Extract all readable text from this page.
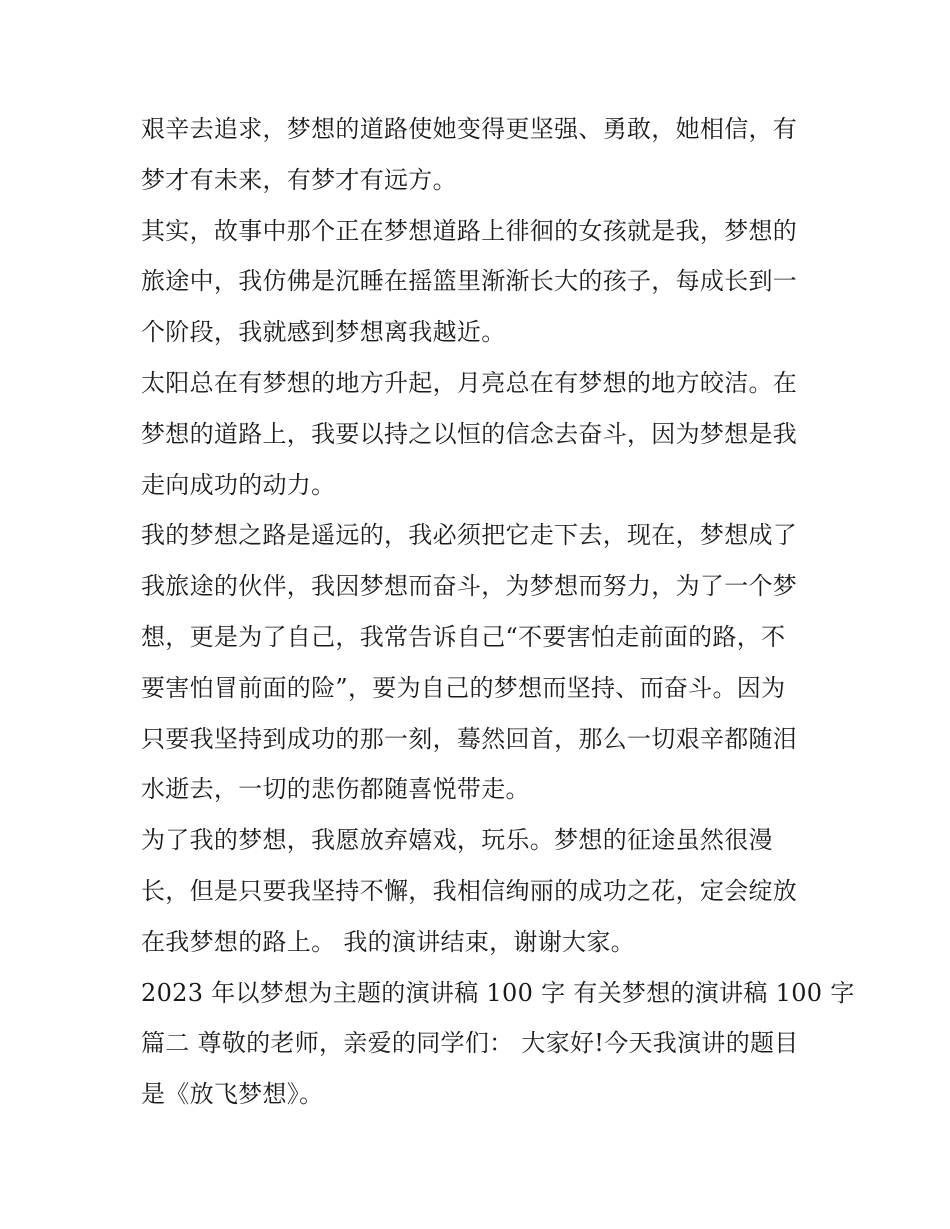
艰辛去追求，梦想的道路使她变得更坚强、勇敢，她相信，有
梦才有未来，有梦才有远方。
其实，故事中那个正在梦想道路上徘徊的女孩就是我，梦想的
旅途中，我仿佛是沉睡在摇篮里渐渐长大的孩子，每成长到一
个阶段，我就感到梦想离我越近。
太阳总在有梦想的地方升起，月亮总在有梦想的地方皎洁。在
梦想的道路上，我要以持之以恒的信念去奋斗，因为梦想是我
走向成功的动力。
我的梦想之路是遥远的，我必须把它走下去，现在，梦想成了
我旅途的伙伴，我因梦想而奋斗，为梦想而努力，为了一个梦
想，更是为了自己，我常告诉自己“不要害怕走前面的路，不
要害怕冒前面的险”，要为自己的梦想而坚持、而奋斗。因为
只要我坚持到成功的那一刻，蓦然回首，那么一切艰辛都随泪
水逝去，一切的悲伤都随喜悦带走。
为了我的梦想，我愿放弃嬉戏，玩乐。梦想的征途虽然很漫
长，但是只要我坚持不懈，我相信绚丽的成功之花，定会绽放
在我梦想的路上。 我的演讲结束，谢谢大家。
2023 年以梦想为主题的演讲稿 100 字 有关梦想的演讲稿 100 字
篇二 尊敬的老师，亲爱的同学们： 大家好!今天我演讲的题目
是《放飞梦想》。
